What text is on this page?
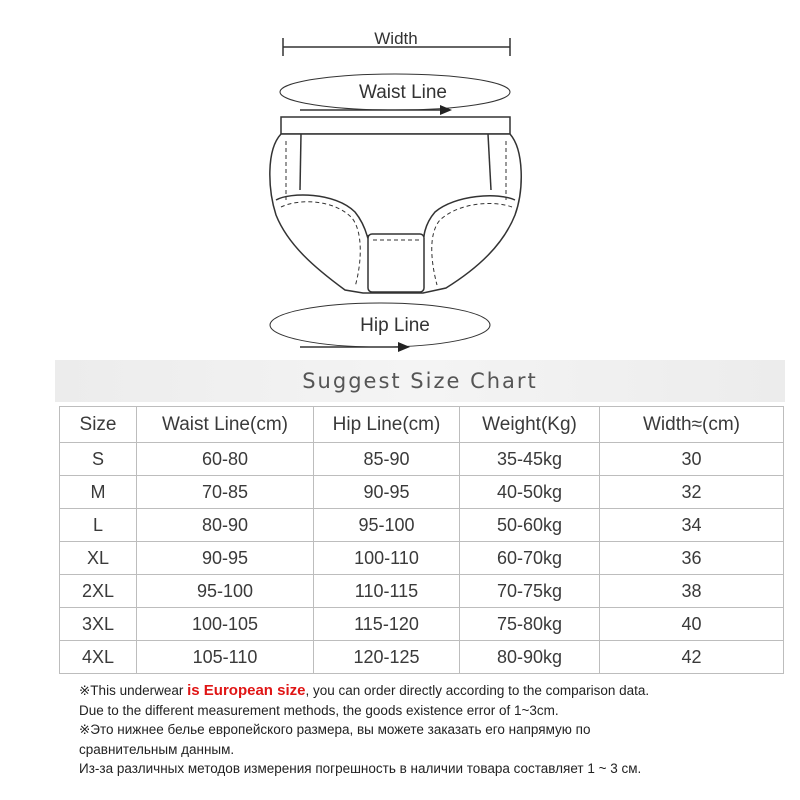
Width
Waist Line
Hip Line
Suggest Size Chart
Size	Waist Line(cm)	Hip Line(cm)	Weight(Kg)	Width≈(cm)
S	60-80	85-90	35-45kg	30
M	70-85	90-95	40-50kg	32
L	80-90	95-100	50-60kg	34
XL	90-95	100-110	60-70kg	36
2XL	95-100	110-115	70-75kg	38
3XL	100-105	115-120	75-80kg	40
4XL	105-110	120-125	80-90kg	42

※This underwear is European size, you can order directly according to the comparison data.

Due to the different measurement methods, the goods existence error of 1~3cm.

※Это нижнее белье европейского размера, вы можете заказать его напрямую по

сравнительным данным.

Из-за различных методов измерения погрешность в наличии товара составляет 1 ~ 3 см.
